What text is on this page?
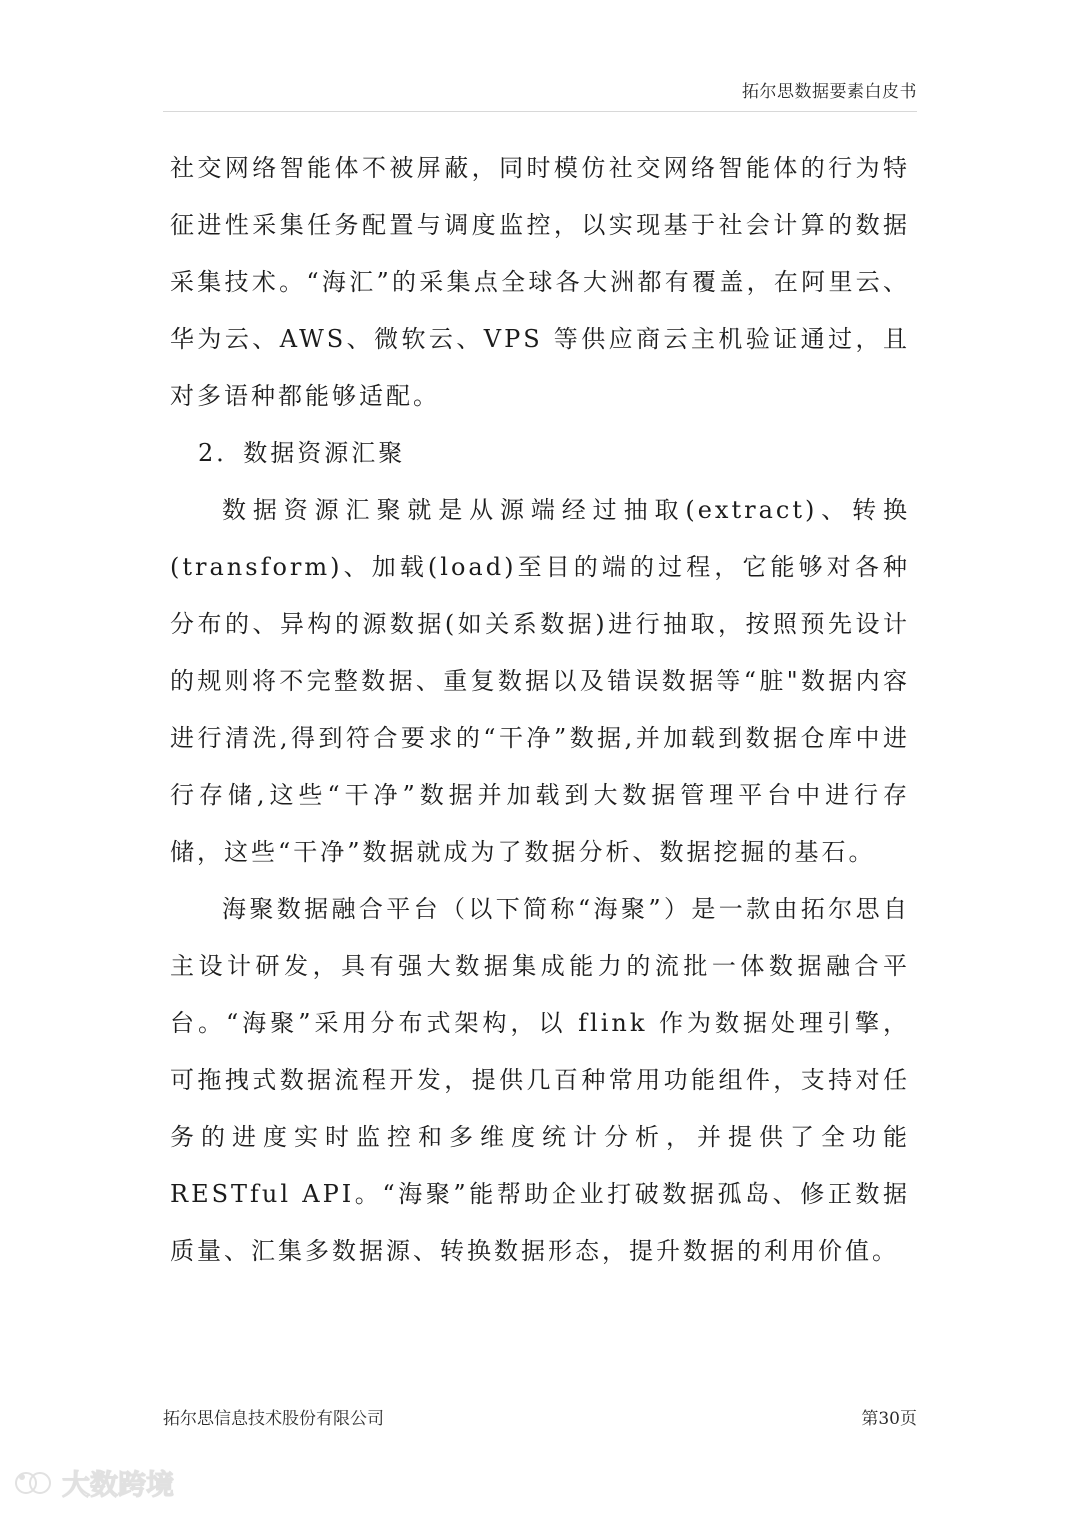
拓尔思数据要素白皮书

社交网络智能体不被屏蔽，同时模仿社交网络智能体的行为特征进性采集任务配置与调度监控，以实现基于社会计算的数据采集技术。“海汇”的采集点全球各大洲都有覆盖，在阿里云、华为云、AWS、微软云、VPS 等供应商云主机验证通过，且对多语种都能够适配。

2．数据资源汇聚

数据资源汇聚就是从源端经过抽取(extract)、转换(transform)、加载(load)至目的端的过程，它能够对各种分布的、异构的源数据(如关系数据)进行抽取，按照预先设计的规则将不完整数据、重复数据以及错误数据等“脏"数据内容进行清洗,得到符合要求的“干净”数据,并加载到数据仓库中进行存储,这些“干净”数据并加载到大数据管理平台中进行存储，这些“干净”数据就成为了数据分析、数据挖掘的基石。

海聚数据融合平台（以下简称“海聚”）是一款由拓尔思自主设计研发，具有强大数据集成能力的流批一体数据融合平台。“海聚”采用分布式架构，以 flink 作为数据处理引擎，可拖拽式数据流程开发，提供几百种常用功能组件，支持对任务的进度实时监控和多维度统计分析，并提供了全功能 RESTful API。“海聚”能帮助企业打破数据孤岛、修正数据质量、汇集多数据源、转换数据形态，提升数据的利用价值。

拓尔思信息技术股份有限公司	第30页
大数跨境
